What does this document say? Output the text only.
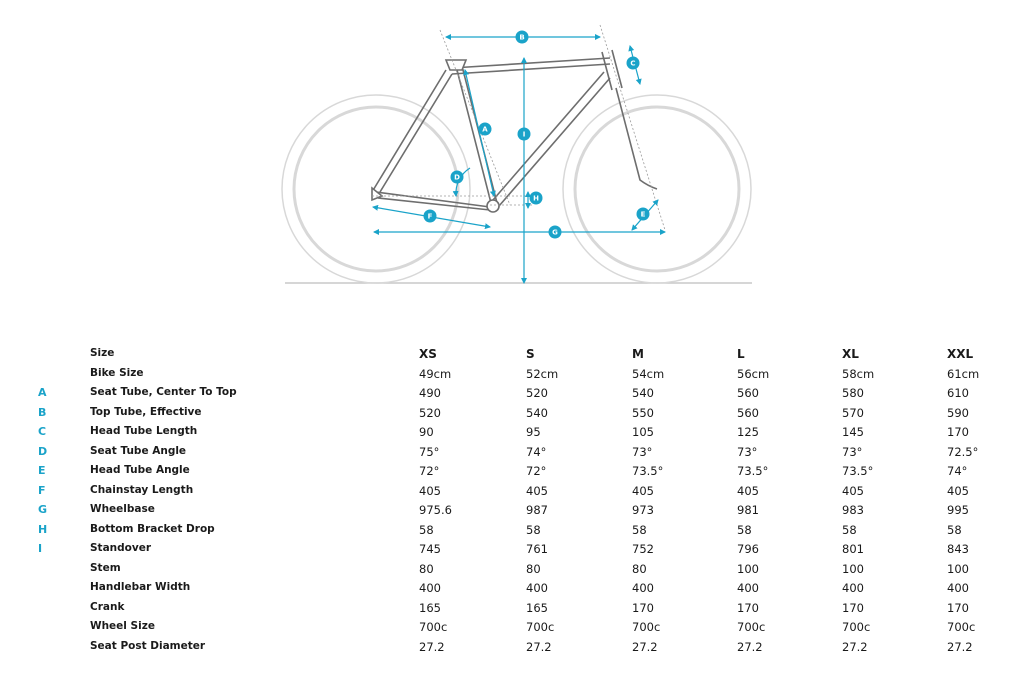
A
B
C
D
E
F
G
H
I
Size	XS	S	M	L	XL	XXL
Bike Size	49cm	52cm	54cm	56cm	58cm	61cm
A	Seat Tube, Center To Top	490	520	540	560	580	610
B	Top Tube, Effective	520	540	550	560	570	590
C	Head Tube Length	90	95	105	125	145	170
D	Seat Tube Angle	75°	74°	73°	73°	73°	72.5°
E	Head Tube Angle	72°	72°	73.5°	73.5°	73.5°	74°
F	Chainstay Length	405	405	405	405	405	405
G	Wheelbase	975.6	987	973	981	983	995
H	Bottom Bracket Drop	58	58	58	58	58	58
I	Standover	745	761	752	796	801	843
Stem	80	80	80	100	100	100
Handlebar Width	400	400	400	400	400	400
Crank	165	165	170	170	170	170
Wheel Size	700c	700c	700c	700c	700c	700c
Seat Post Diameter	27.2	27.2	27.2	27.2	27.2	27.2
